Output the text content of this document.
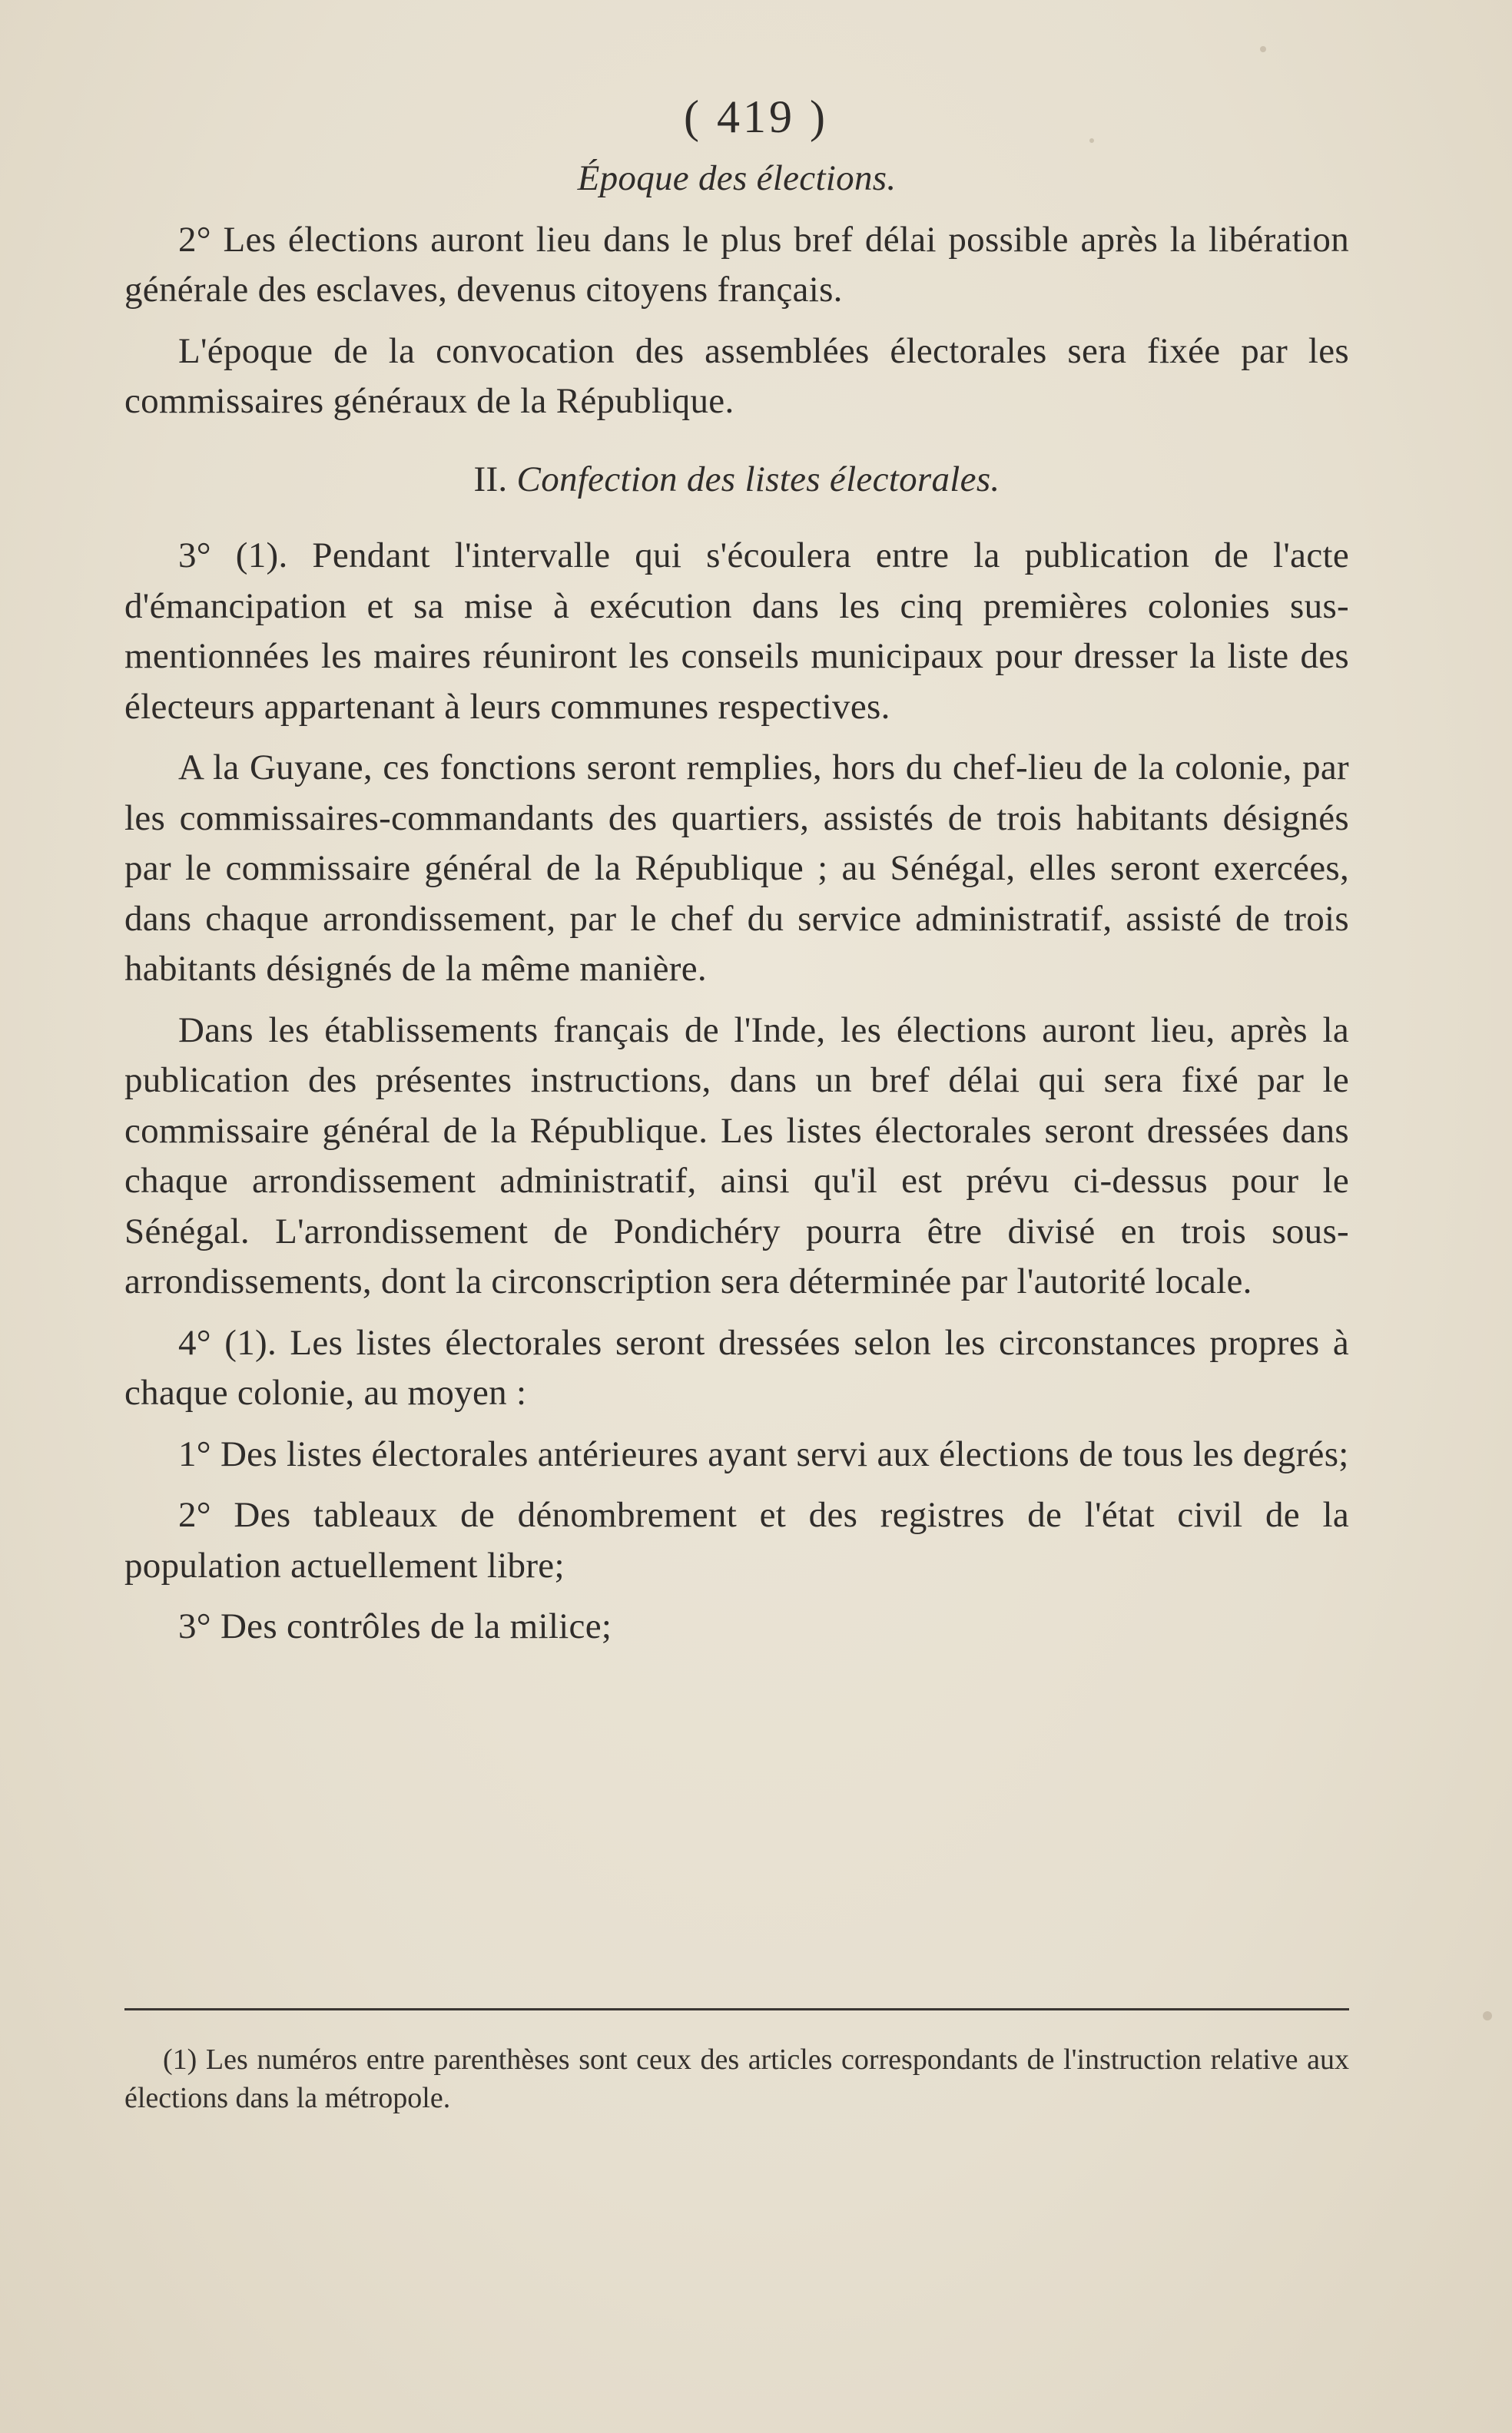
( 419 )

Époque des élections.

2° Les élections auront lieu dans le plus bref délai possible après la libération générale des esclaves, devenus citoyens français.

L'époque de la convocation des assemblées électorales sera fixée par les commissaires généraux de la République.

II. Confection des listes électorales.

3° (1). Pendant l'intervalle qui s'écoulera entre la publication de l'acte d'émancipation et sa mise à exécution dans les cinq premières colonies sus-mentionnées les maires réuniront les conseils municipaux pour dresser la liste des électeurs appartenant à leurs communes respectives.

A la Guyane, ces fonctions seront remplies, hors du chef-lieu de la colonie, par les commissaires-commandants des quartiers, assistés de trois habitants désignés par le commissaire général de la République ; au Sénégal, elles seront exercées, dans chaque arrondissement, par le chef du service administratif, assisté de trois habitants désignés de la même manière.

Dans les établissements français de l'Inde, les élections auront lieu, après la publication des présentes instructions, dans un bref délai qui sera fixé par le commissaire général de la République. Les listes électorales seront dressées dans chaque arrondissement administratif, ainsi qu'il est prévu ci-dessus pour le Sénégal. L'arrondissement de Pondichéry pourra être divisé en trois sous-arrondissements, dont la circonscription sera déterminée par l'autorité locale.

4° (1). Les listes électorales seront dressées selon les circonstances propres à chaque colonie, au moyen :

1° Des listes électorales antérieures ayant servi aux élections de tous les degrés;

2° Des tableaux de dénombrement et des registres de l'état civil de la population actuellement libre;

3° Des contrôles de la milice;

(1) Les numéros entre parenthèses sont ceux des articles correspondants de l'instruction relative aux élections dans la métropole.
